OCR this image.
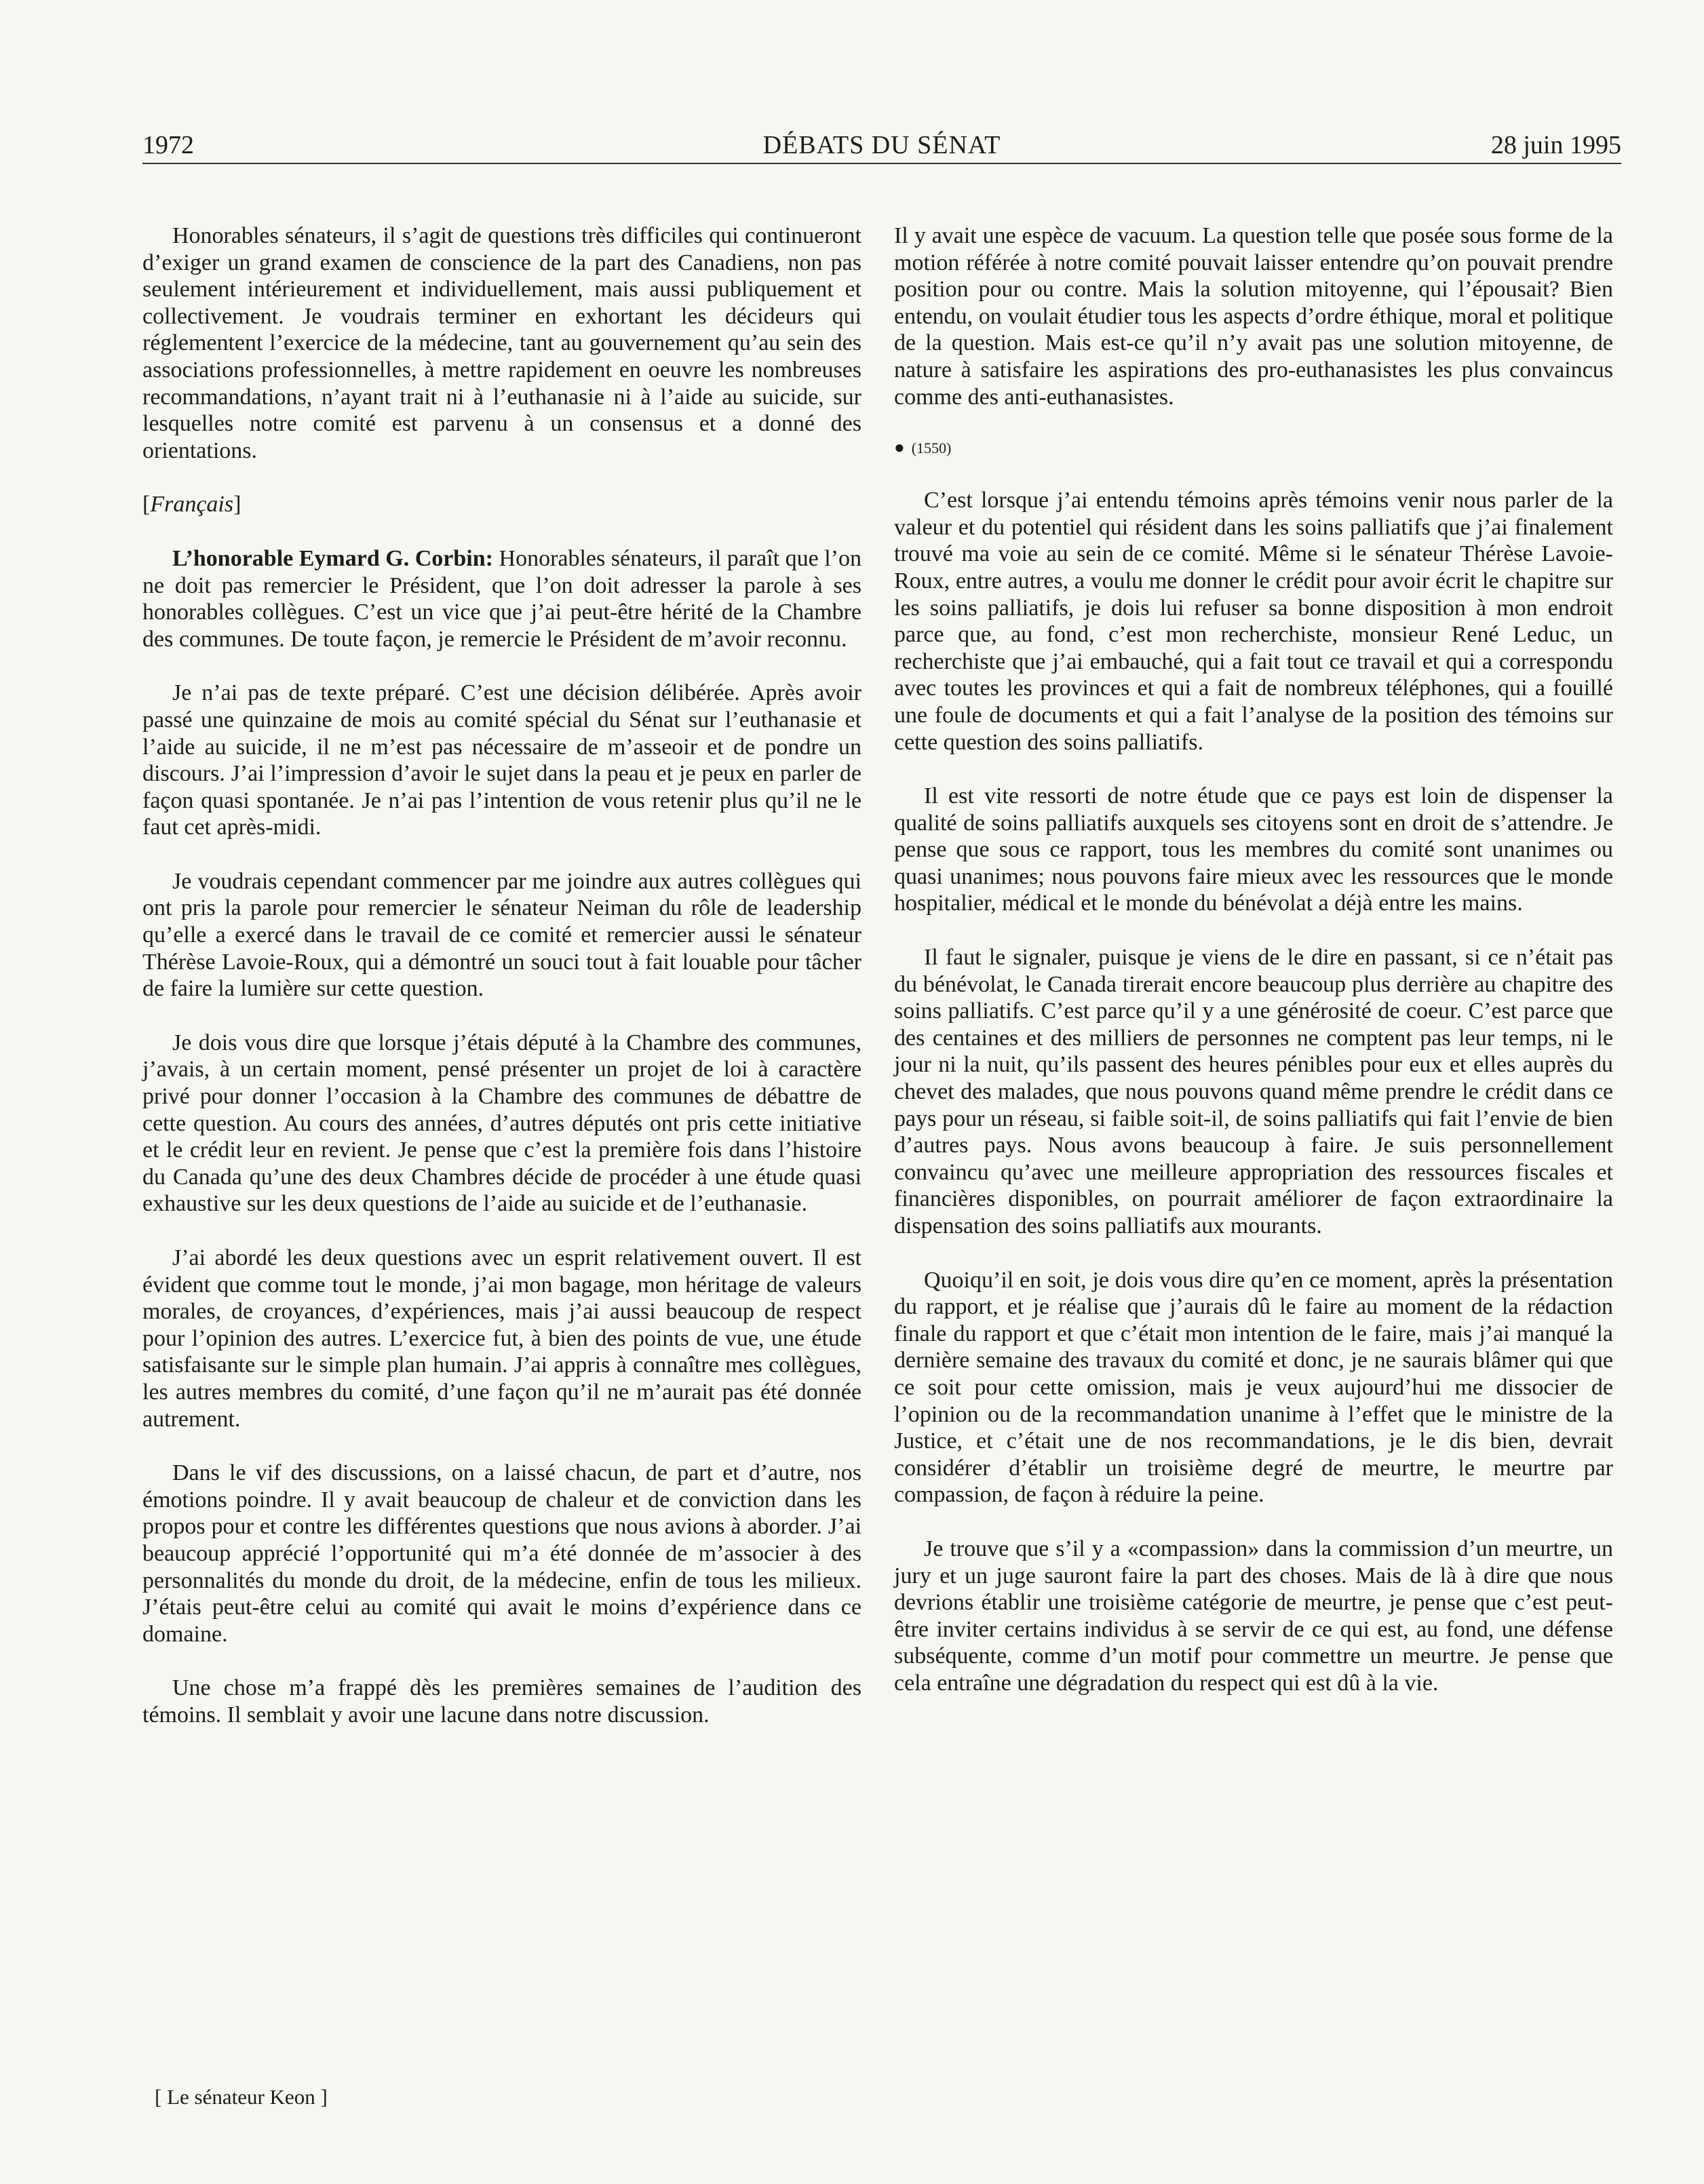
1972	DÉBATS DU SÉNAT	28 juin 1995

Honorables sénateurs, il s’agit de questions très difficiles qui continueront d’exiger un grand examen de conscience de la part des Canadiens, non pas seulement intérieurement et individuellement, mais aussi publiquement et collectivement. Je voudrais terminer en exhortant les décideurs qui réglementent l’exercice de la médecine, tant au gouvernement qu’au sein des associations professionnelles, à mettre rapidement en oeuvre les nombreuses recommandations, n’ayant trait ni à l’euthanasie ni à l’aide au suicide, sur lesquelles notre comité est parvenu à un consensus et a donné des orientations.

[Français]

L’honorable Eymard G. Corbin: Honorables sénateurs, il paraît que l’on ne doit pas remercier le Président, que l’on doit adresser la parole à ses honorables collègues. C’est un vice que j’ai peut-être hérité de la Chambre des communes. De toute façon, je remercie le Président de m’avoir reconnu.

Je n’ai pas de texte préparé. C’est une décision délibérée. Après avoir passé une quinzaine de mois au comité spécial du Sénat sur l’euthanasie et l’aide au suicide, il ne m’est pas nécessaire de m’asseoir et de pondre un discours. J’ai l’impression d’avoir le sujet dans la peau et je peux en parler de façon quasi spontanée. Je n’ai pas l’intention de vous retenir plus qu’il ne le faut cet après-midi.

Je voudrais cependant commencer par me joindre aux autres collègues qui ont pris la parole pour remercier le sénateur Neiman du rôle de leadership qu’elle a exercé dans le travail de ce comité et remercier aussi le sénateur Thérèse Lavoie-Roux, qui a démontré un souci tout à fait louable pour tâcher de faire la lumière sur cette question.

Je dois vous dire que lorsque j’étais député à la Chambre des communes, j’avais, à un certain moment, pensé présenter un projet de loi à caractère privé pour donner l’occasion à la Chambre des communes de débattre de cette question. Au cours des années, d’autres députés ont pris cette initiative et le crédit leur en revient. Je pense que c’est la première fois dans l’histoire du Canada qu’une des deux Chambres décide de procéder à une étude quasi exhaustive sur les deux questions de l’aide au suicide et de l’euthanasie.

J’ai abordé les deux questions avec un esprit relativement ouvert. Il est évident que comme tout le monde, j’ai mon bagage, mon héritage de valeurs morales, de croyances, d’expériences, mais j’ai aussi beaucoup de respect pour l’opinion des autres. L’exercice fut, à bien des points de vue, une étude satisfaisante sur le simple plan humain. J’ai appris à connaître mes collègues, les autres membres du comité, d’une façon qu’il ne m’aurait pas été donnée autrement.

Dans le vif des discussions, on a laissé chacun, de part et d’autre, nos émotions poindre. Il y avait beaucoup de chaleur et de conviction dans les propos pour et contre les différentes questions que nous avions à aborder. J’ai beaucoup apprécié l’opportunité qui m’a été donnée de m’associer à des personnalités du monde du droit, de la médecine, enfin de tous les milieux. J’étais peut-être celui au comité qui avait le moins d’expérience dans ce domaine.

Une chose m’a frappé dès les premières semaines de l’audition des témoins. Il semblait y avoir une lacune dans notre discussion.

Il y avait une espèce de vacuum. La question telle que posée sous forme de la motion référée à notre comité pouvait laisser entendre qu’on pouvait prendre position pour ou contre. Mais la solution mitoyenne, qui l’épousait? Bien entendu, on voulait étudier tous les aspects d’ordre éthique, moral et politique de la question. Mais est-ce qu’il n’y avait pas une solution mitoyenne, de nature à satisfaire les aspirations des pro-euthanasistes les plus convaincus comme des anti-euthanasistes.

● (1550)

C’est lorsque j’ai entendu témoins après témoins venir nous parler de la valeur et du potentiel qui résident dans les soins palliatifs que j’ai finalement trouvé ma voie au sein de ce comité. Même si le sénateur Thérèse Lavoie-Roux, entre autres, a voulu me donner le crédit pour avoir écrit le chapitre sur les soins palliatifs, je dois lui refuser sa bonne disposition à mon endroit parce que, au fond, c’est mon recherchiste, monsieur René Leduc, un recherchiste que j’ai embauché, qui a fait tout ce travail et qui a correspondu avec toutes les provinces et qui a fait de nombreux téléphones, qui a fouillé une foule de documents et qui a fait l’analyse de la position des témoins sur cette question des soins palliatifs.

Il est vite ressorti de notre étude que ce pays est loin de dispenser la qualité de soins palliatifs auxquels ses citoyens sont en droit de s’attendre. Je pense que sous ce rapport, tous les membres du comité sont unanimes ou quasi unanimes; nous pouvons faire mieux avec les ressources que le monde hospitalier, médical et le monde du bénévolat a déjà entre les mains.

Il faut le signaler, puisque je viens de le dire en passant, si ce n’était pas du bénévolat, le Canada tirerait encore beaucoup plus derrière au chapitre des soins palliatifs. C’est parce qu’il y a une générosité de coeur. C’est parce que des centaines et des milliers de personnes ne comptent pas leur temps, ni le jour ni la nuit, qu’ils passent des heures pénibles pour eux et elles auprès du chevet des malades, que nous pouvons quand même prendre le crédit dans ce pays pour un réseau, si faible soit-il, de soins palliatifs qui fait l’envie de bien d’autres pays. Nous avons beaucoup à faire. Je suis personnellement convaincu qu’avec une meilleure appropriation des ressources fiscales et financières disponibles, on pourrait améliorer de façon extraordinaire la dispensation des soins palliatifs aux mourants.

Quoiqu’il en soit, je dois vous dire qu’en ce moment, après la présentation du rapport, et je réalise que j’aurais dû le faire au moment de la rédaction finale du rapport et que c’était mon intention de le faire, mais j’ai manqué la dernière semaine des travaux du comité et donc, je ne saurais blâmer qui que ce soit pour cette omission, mais je veux aujourd’hui me dissocier de l’opinion ou de la recommandation unanime à l’effet que le ministre de la Justice, et c’était une de nos recommandations, je le dis bien, devrait considérer d’établir un troisième degré de meurtre, le meurtre par compassion, de façon à réduire la peine.

Je trouve que s’il y a «compassion» dans la commission d’un meurtre, un jury et un juge sauront faire la part des choses. Mais de là à dire que nous devrions établir une troisième catégorie de meurtre, je pense que c’est peut-être inviter certains individus à se servir de ce qui est, au fond, une défense subséquente, comme d’un motif pour commettre un meurtre. Je pense que cela entraîne une dégradation du respect qui est dû à la vie.

[ Le sénateur Keon ]
